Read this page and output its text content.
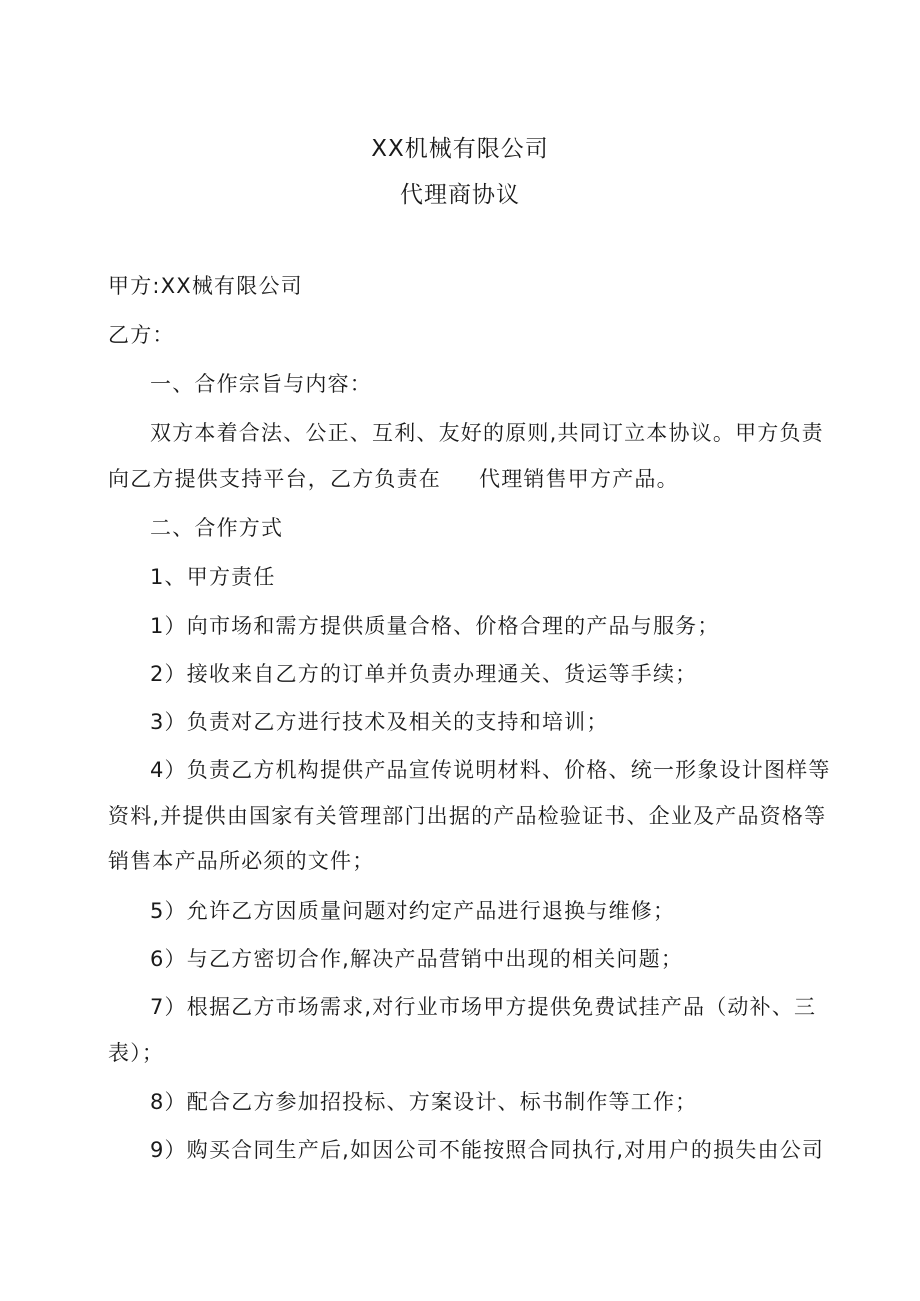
XX机械有限公司
代理商协议
甲方:XX械有限公司
乙方：
一、合作宗旨与内容：
双方本着合法、公正、互利、友好的原则,共同订立本协议。甲方负责
向乙方提供支持平台，乙方负责在 代理销售甲方产品。
二、合作方式
1、甲方责任
1）向市场和需方提供质量合格、价格合理的产品与服务；
2）接收来自乙方的订单并负责办理通关、货运等手续；
3）负责对乙方进行技术及相关的支持和培训；
4）负责乙方机构提供产品宣传说明材料、价格、统一形象设计图样等
资料,并提供由国家有关管理部门出据的产品检验证书、企业及产品资格等
销售本产品所必须的文件；
5）允许乙方因质量问题对约定产品进行退换与维修；
6）与乙方密切合作,解决产品营销中出现的相关问题；
7）根据乙方市场需求,对行业市场甲方提供免费试挂产品（动补、三
表）；
8）配合乙方参加招投标、方案设计、标书制作等工作；
9）购买合同生产后,如因公司不能按照合同执行,对用户的损失由公司
